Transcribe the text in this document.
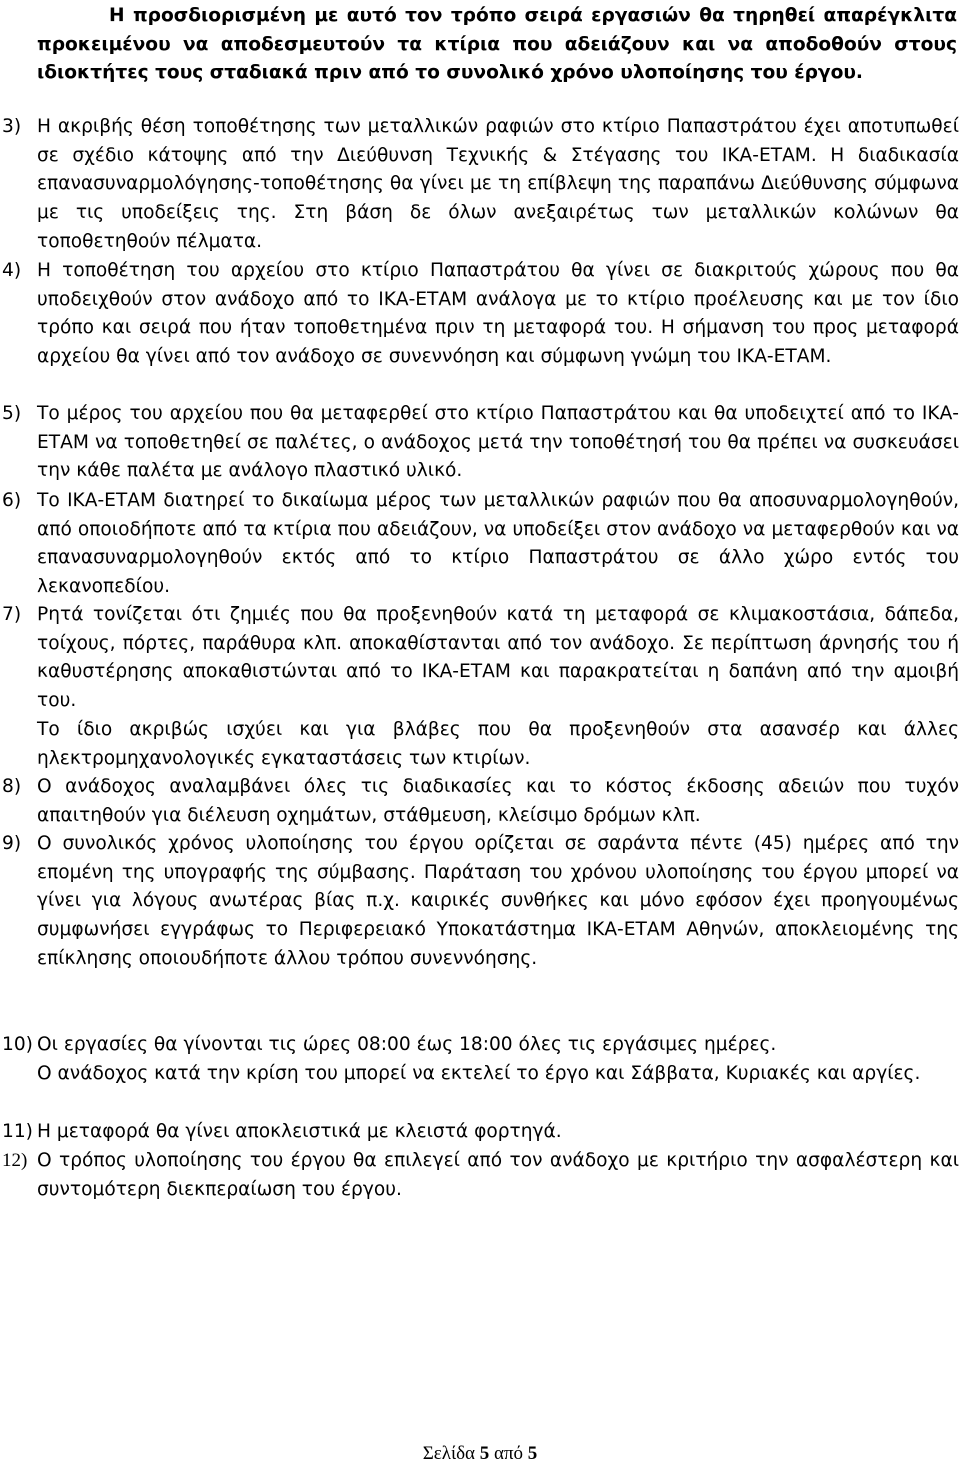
Η προσδιορισμένη με αυτό τον τρόπο σειρά εργασιών θα τηρηθεί απαρέγκλιτα προκειμένου να αποδεσμευτούν τα κτίρια που αδειάζουν και να αποδοθούν στους ιδιοκτήτες τους σταδιακά πριν από το συνολικό χρόνο υλοποίησης του έργου.
3) Η ακριβής θέση τοποθέτησης των μεταλλικών ραφιών στο κτίριο Παπαστράτου έχει αποτυπωθεί σε σχέδιο κάτοψης από την Διεύθυνση Τεχνικής & Στέγασης του ΙΚΑ-ΕΤΑΜ. Η διαδικασία επανασυναρμολόγησης-τοποθέτησης θα γίνει με τη επίβλεψη της παραπάνω Διεύθυνσης σύμφωνα με τις υποδείξεις της. Στη βάση δε όλων ανεξαιρέτως των μεταλλικών κολώνων θα τοποθετηθούν πέλματα.

4) Η τοποθέτηση του αρχείου στο κτίριο Παπαστράτου θα γίνει σε διακριτούς χώρους που θα υποδειχθούν στον ανάδοχο από το ΙΚΑ-ΕΤΑΜ ανάλογα με το κτίριο προέλευσης και με τον ίδιο τρόπο και σειρά που ήταν τοποθετημένα πριν τη μεταφορά του. Η σήμανση του προς μεταφορά αρχείου θα γίνει από τον ανάδοχο σε συνεννόηση και σύμφωνη γνώμη του ΙΚΑ-ΕΤΑΜ.

5) Το μέρος του αρχείου που θα μεταφερθεί στο κτίριο Παπαστράτου και θα υποδειχτεί από το ΙΚΑ-ΕΤΑΜ να τοποθετηθεί σε παλέτες, ο ανάδοχος μετά την τοποθέτησή του θα πρέπει να συσκευάσει την κάθε παλέτα με ανάλογο πλαστικό υλικό.

6) Το ΙΚΑ-ΕΤΑΜ διατηρεί το δικαίωμα μέρος των μεταλλικών ραφιών που θα αποσυναρμολογηθούν, από οποιοδήποτε από τα κτίρια που αδειάζουν, να υποδείξει στον ανάδοχο να μεταφερθούν και να επανασυναρμολογηθούν εκτός από το κτίριο Παπαστράτου σε άλλο χώρο εντός του λεκανοπεδίου.

7) Ρητά τονίζεται ότι ζημιές που θα προξενηθούν κατά τη μεταφορά σε κλιμακοστάσια, δάπεδα, τοίχους, πόρτες, παράθυρα κλπ. αποκαθίστανται από τον ανάδοχο. Σε περίπτωση άρνησής του ή καθυστέρησης αποκαθιστώνται από το ΙΚΑ-ΕΤΑΜ και παρακρατείται η δαπάνη από την αμοιβή του.

Το ίδιο ακριβώς ισχύει και για βλάβες που θα προξενηθούν στα ασανσέρ και άλλες ηλεκτρομηχανολογικές εγκαταστάσεις των κτιρίων.

8) Ο ανάδοχος αναλαμβάνει όλες τις διαδικασίες και το κόστος έκδοσης αδειών που τυχόν απαιτηθούν για διέλευση οχημάτων, στάθμευση, κλείσιμο δρόμων κλπ.

9) Ο συνολικός χρόνος υλοποίησης του έργου ορίζεται σε σαράντα πέντε (45) ημέρες από την επομένη της υπογραφής της σύμβασης. Παράταση του χρόνου υλοποίησης του έργου μπορεί να γίνει για λόγους ανωτέρας βίας π.χ. καιρικές συνθήκες και μόνο εφόσον έχει προηγουμένως συμφωνήσει εγγράφως το Περιφερειακό Υποκατάστημα ΙΚΑ-ΕΤΑΜ Αθηνών, αποκλειομένης της επίκλησης οποιουδήποτε άλλου τρόπου συνεννόησης.

10) Οι εργασίες θα γίνονται τις ώρες 08:00 έως 18:00 όλες τις εργάσιμες ημέρες.

Ο ανάδοχος κατά την κρίση του μπορεί να εκτελεί το έργο και Σάββατα, Κυριακές και αργίες.

11) Η μεταφορά θα γίνει αποκλειστικά με κλειστά φορτηγά.

12) Ο τρόπος υλοποίησης του έργου θα επιλεγεί από τον ανάδοχο με κριτήριο την ασφαλέστερη και συντομότερη διεκπεραίωση του έργου.

Σελίδα 5 από 5
